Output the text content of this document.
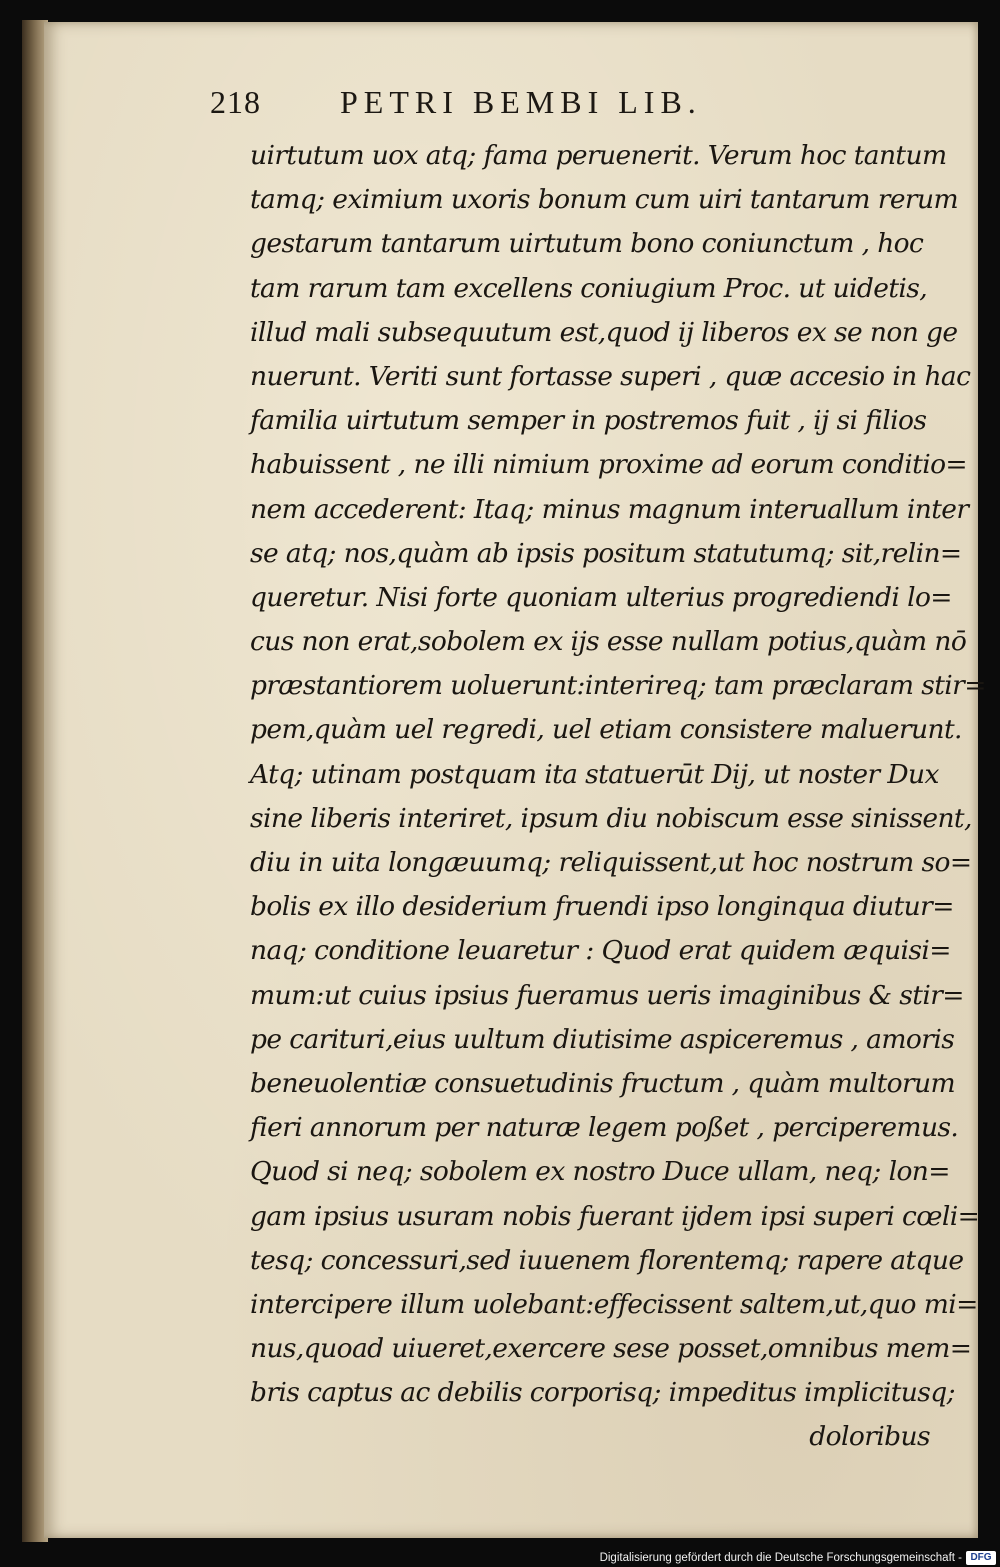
218 PETRI BEMBI LIB.
uirtutum uox atq; fama peruenerit. Verum hoc tantum
tamq; eximium uxoris bonum cum uiri tantarum rerum
gestarum tantarum uirtutum bono coniunctum , hoc
tam rarum tam excellens coniugium Proc. ut uidetis,
illud mali subsequutum est,quod ij liberos ex se non ge
nuerunt. Veriti sunt fortasse superi , quæ accesio in hac
familia uirtutum semper in postremos fuit , ij si filios
habuissent , ne illi nimium proxime ad eorum conditio=
nem accederent: Itaq; minus magnum interuallum inter
se atq; nos,quàm ab ipsis positum statutumq; sit,relin=
queretur. Nisi forte quoniam ulterius progrediendi lo=
cus non erat,sobolem ex ijs esse nullam potius,quàm nō
præstantiorem uoluerunt:interireq; tam præclaram stir=
pem,quàm uel regredi, uel etiam consistere maluerunt.
Atq; utinam postquam ita statuerūt Dij, ut noster Dux
sine liberis interiret, ipsum diu nobiscum esse sinissent,
diu in uita longæuumq; reliquissent,ut hoc nostrum so=
bolis ex illo desiderium fruendi ipso longinqua diutur=
naq; conditione leuaretur : Quod erat quidem æquisi=
mum:ut cuius ipsius fueramus ueris imaginibus & stir=
pe carituri,eius uultum diutisime aspiceremus , amoris
beneuolentiæ consuetudinis fructum , quàm multorum
fieri annorum per naturæ legem poßet , perciperemus.
Quod si neq; sobolem ex nostro Duce ullam, neq; lon=
gam ipsius usuram nobis fuerant ijdem ipsi superi cœli=
tesq; concessuri,sed iuuenem florentemq; rapere atque
intercipere illum uolebant:effecissent saltem,ut,quo mi=
nus,quoad uiueret,exercere sese posset,omnibus mem=
bris captus ac debilis corporisq; impeditus implicitusq;
doloribus
Digitalisierung gefördert durch die Deutsche Forschungsgemeinschaft - DFG
